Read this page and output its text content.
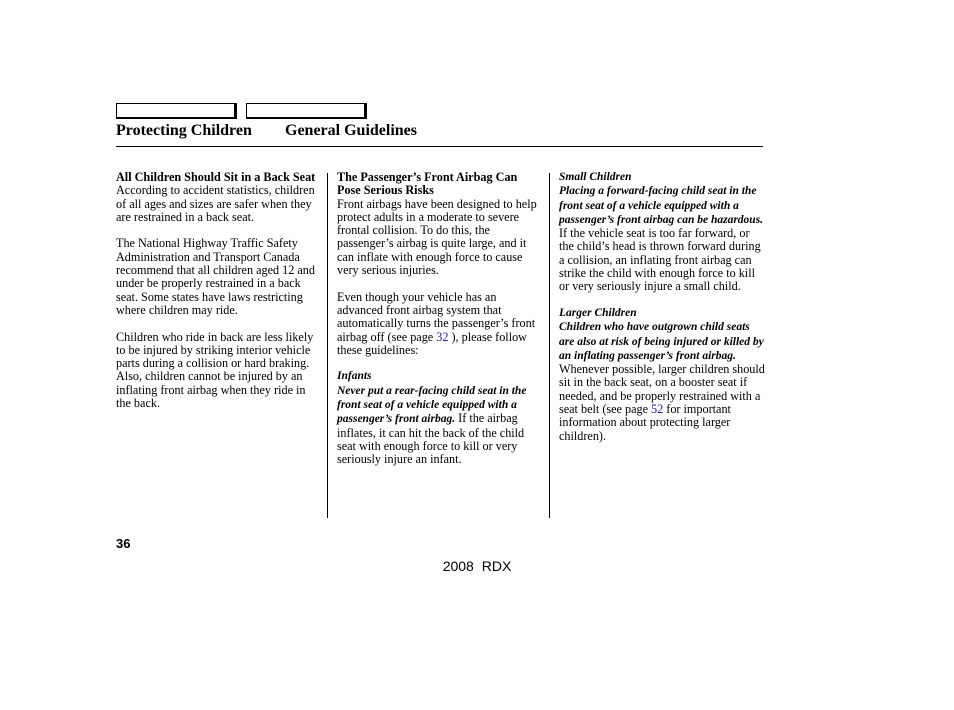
Protecting Children General Guidelines
All Children Should Sit in a Back Seat

According to accident statistics, children of all ages and sizes are safer when they are restrained in a back seat.

The National Highway Traffic Safety Administration and Transport Canada recommend that all children aged 12 and under be properly restrained in a back seat. Some states have laws restricting where children may ride.

Children who ride in back are less likely to be injured by striking interior vehicle parts during a collision or hard braking. Also, children cannot be injured by an inflating front airbag when they ride in the back.

The Passenger’s Front Airbag Can Pose Serious Risks

Front airbags have been designed to help protect adults in a moderate to severe frontal collision. To do this, the passenger’s airbag is quite large, and it can inflate with enough force to cause very serious injuries.

Even though your vehicle has an advanced front airbag system that automatically turns the passenger’s front airbag off (see page 32 ), please follow these guidelines:

Infants

Never put a rear-facing child seat in the front seat of a vehicle equipped with a passenger’s front airbag. If the airbag inflates, it can hit the back of the child seat with enough force to kill or very seriously injure an infant.

Small Children

Placing a forward-facing child seat in the front seat of a vehicle equipped with a passenger’s front airbag can be hazardous. If the vehicle seat is too far forward, or the child’s head is thrown forward during a collision, an inflating front airbag can strike the child with enough force to kill or very seriously injure a small child.

Larger Children

Children who have outgrown child seats are also at risk of being injured or killed by an inflating passenger’s front airbag. Whenever possible, larger children should sit in the back seat, on a booster seat if needed, and be properly restrained with a seat belt (see page 52 for important information about protecting larger children).

36
2008 RDX
